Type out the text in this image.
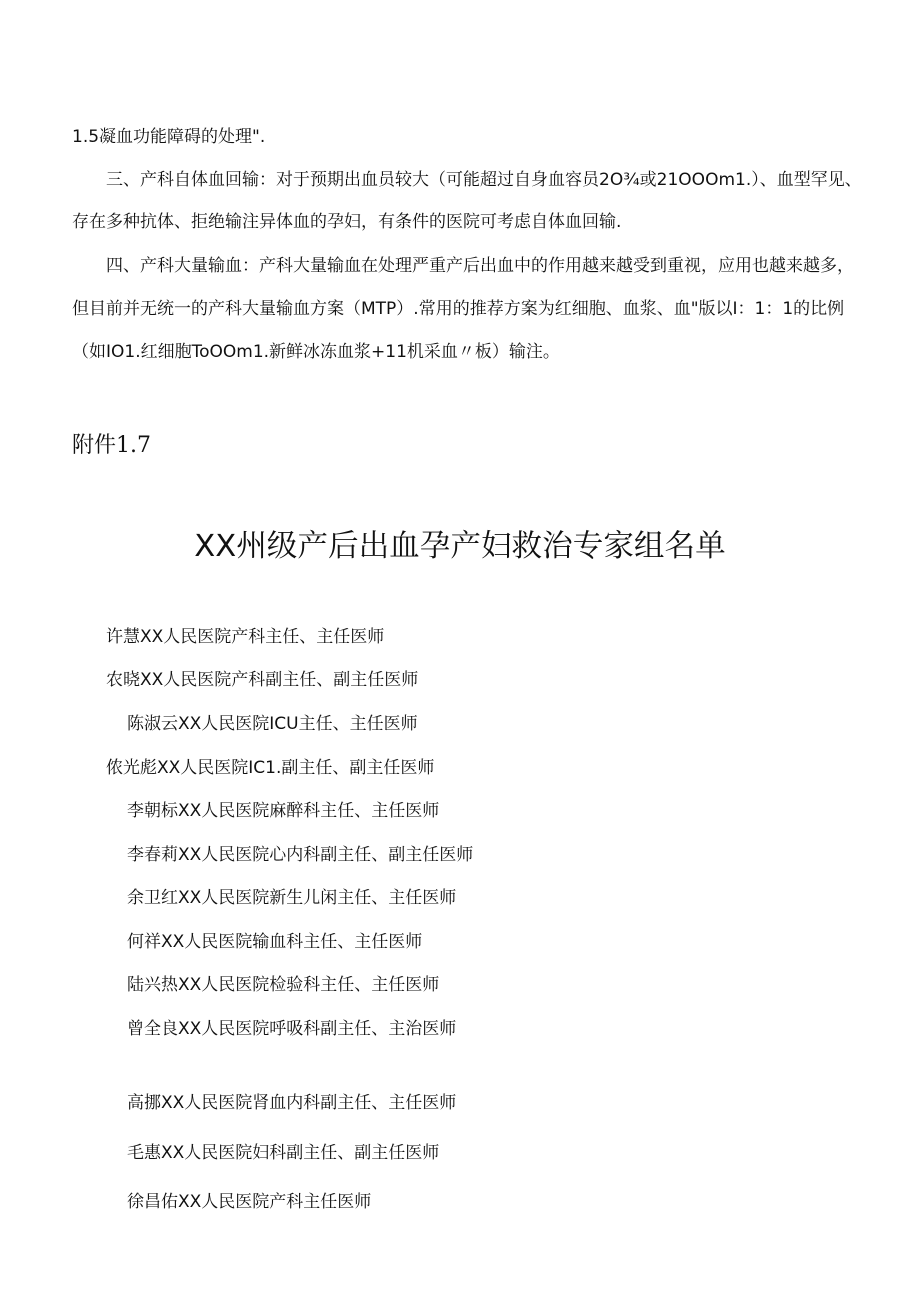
1.5凝血功能障碍的处理".
三、产科自体血回输：对于预期出血员较大（可能超过自身血容员2O¾或21OOOm1.）、血型罕见、
存在多种抗体、拒绝输注异体血的孕妇，有条件的医院可考虑自体血回输.
四、产科大量输血：产科大量输血在处理严重产后出血中的作用越来越受到重视，应用也越来越多，
但目前并无统一的产科大量输血方案（MTP）.常用的推荐方案为红细胞、血浆、血"版以I：1：1的比例
（如IO1.红细胞ToOOm1.新鲜冰冻血浆+11机采血〃板）输注。
附件1.7
XX州级产后出血孕产妇救治专家组名单
许慧XX人民医院产科主任、主任医师
农晓XX人民医院产科副主任、副主任医师
陈淑云XX人民医院ICU主任、主任医师
侬光彪XX人民医院IC1.副主任、副主任医师
李朝标XX人民医院麻醉科主任、主任医师
李春莉XX人民医院心内科副主任、副主任医师
余卫红XX人民医院新生儿闲主任、主任医师
何祥XX人民医院输血科主任、主任医师
陆兴热XX人民医院检验科主任、主任医师
曾全良XX人民医院呼吸科副主任、主治医师
高挪XX人民医院肾血内科副主任、主任医师
毛惠XX人民医院妇科副主任、副主任医师
徐昌佑XX人民医院产科主任医师
